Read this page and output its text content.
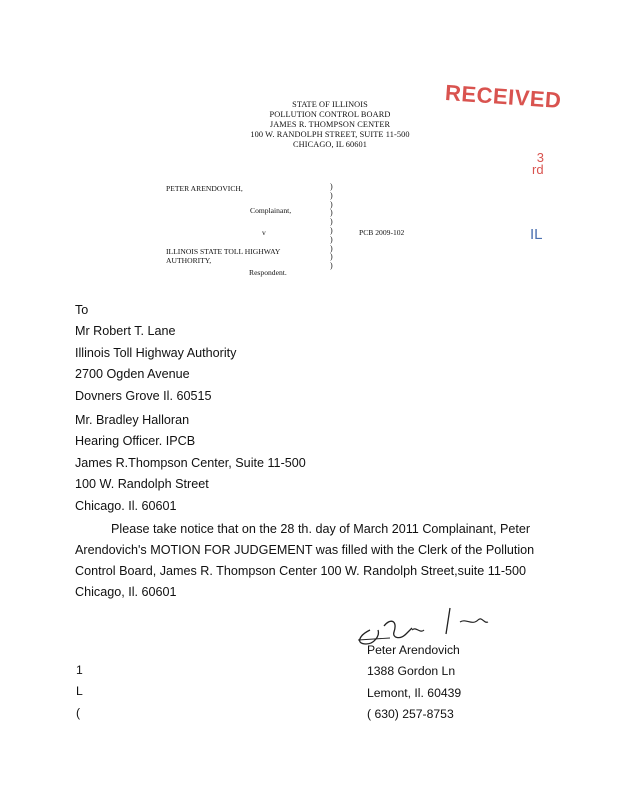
RECEIVED
3
rd
IL
STATE OF ILLINOIS
POLLUTION CONTROL BOARD
JAMES R. THOMPSON CENTER
100 W. RANDOLPH STREET, SUITE 11-500
CHICAGO, IL 60601
PETER ARENDOVICH,
Complainant,
v	PCB 2009-102
ILLINOIS STATE TOLL HIGHWAY
AUTHORITY,
Respondent.
)
)
)
)
)
)
)
)
)
)
To
Mr Robert T. Lane
Illinois Toll Highway Authority
2700 Ogden Avenue
Dovners Grove Il. 60515
Mr. Bradley Halloran
Hearing Officer. IPCB
James R.Thompson Center, Suite 11-500
100 W. Randolph Street
Chicago. Il. 60601
Please take notice that on the 28 th. day of March 2011 Complainant, Peter Arendovich's MOTION FOR JUDGEMENT was filled with the Clerk of the Pollution Control Board, James R. Thompson Center 100 W. Randolph Street,suite 11-500 Chicago, Il. 60601
1
L
(
Peter Arendovich
1388 Gordon Ln
Lemont, Il. 60439
( 630) 257-8753
